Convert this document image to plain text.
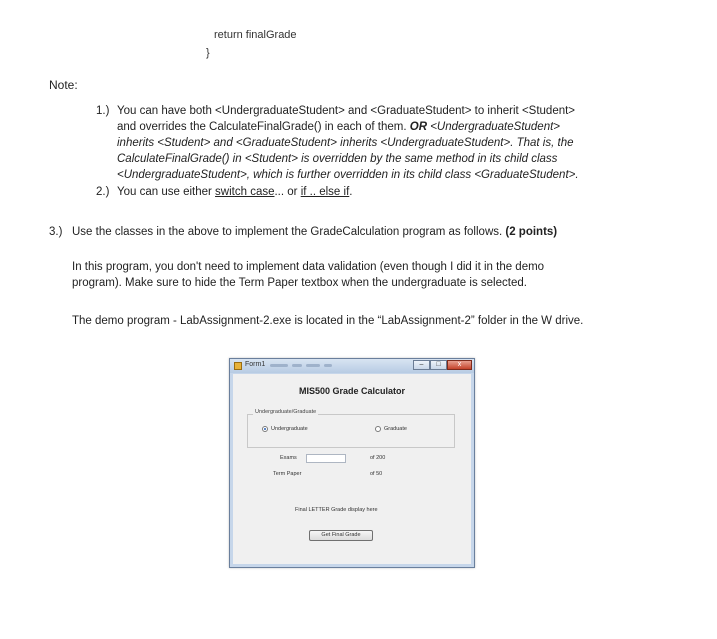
return finalGrade
}
Note:
1.) You can have both <UndergraduateStudent> and <GraduateStudent> to inherit <Student>
and overrides the CalculateFinalGrade() in each of them. OR <UndergraduateStudent>
inherits <Student> and <GraduateStudent> inherits <UndergraduateStudent>. That is, the
CalculateFinalGrade() in <Student> is overridden by the same method in its child class
<UndergraduateStudent>, which is further overridden in its child class <GraduateStudent>.
2.) You can use either switch case... or if .. else if.
3.) Use the classes in the above to implement the GradeCalculation program as follows. (2 points)
In this program, you don't need to implement data validation (even though I did it in the demo
program). Make sure to hide the Term Paper textbox when the undergraduate is selected.
The demo program - LabAssignment-2.exe is located in the “LabAssignment-2” folder in the W drive.
Form1	–	□	x
MIS500 Grade Calculator
Undergraduate/Graduate
Undergraduate	Graduate
Exams	of 200
Term Paper	of 50
Final LETTER Grade display here
Get Final Grade
